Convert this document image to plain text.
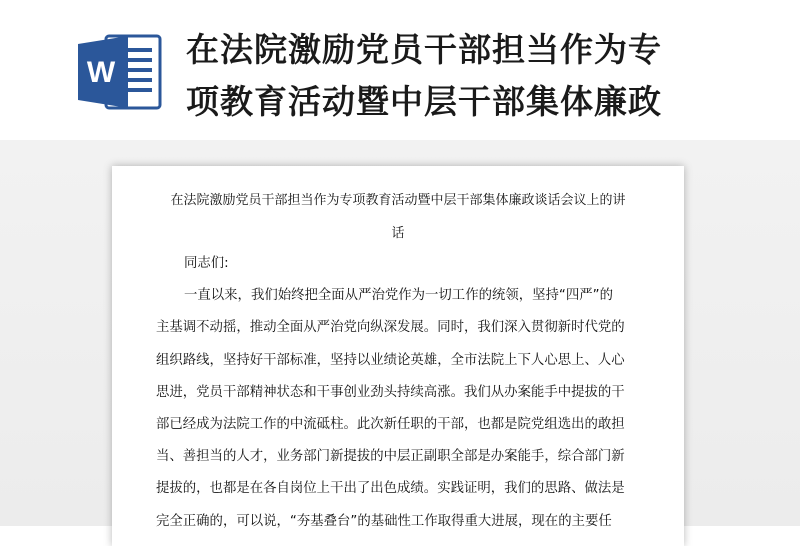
W
在法院激励党员干部担当作为专
项教育活动暨中层干部集体廉政
在法院激励党员干部担当作为专项教育活动暨中层干部集体廉政谈话会议上的讲
话
同志们:
一直以来，我们始终把全面从严治党作为一切工作的统领，坚持“四严”的
主基调不动摇，推动全面从严治党向纵深发展。同时，我们深入贯彻新时代党的
组织路线，坚持好干部标准，坚持以业绩论英雄，全市法院上下人心思上、人心
思进，党员干部精神状态和干事创业劲头持续高涨。我们从办案能手中提拔的干
部已经成为法院工作的中流砥柱。此次新任职的干部，也都是院党组选出的敢担
当、善担当的人才，业务部门新提拔的中层正副职全部是办案能手，综合部门新
提拔的，也都是在各自岗位上干出了出色成绩。实践证明，我们的思路、做法是
完全正确的，可以说，“夯基叠台”的基础性工作取得重大进展，现在的主要任
